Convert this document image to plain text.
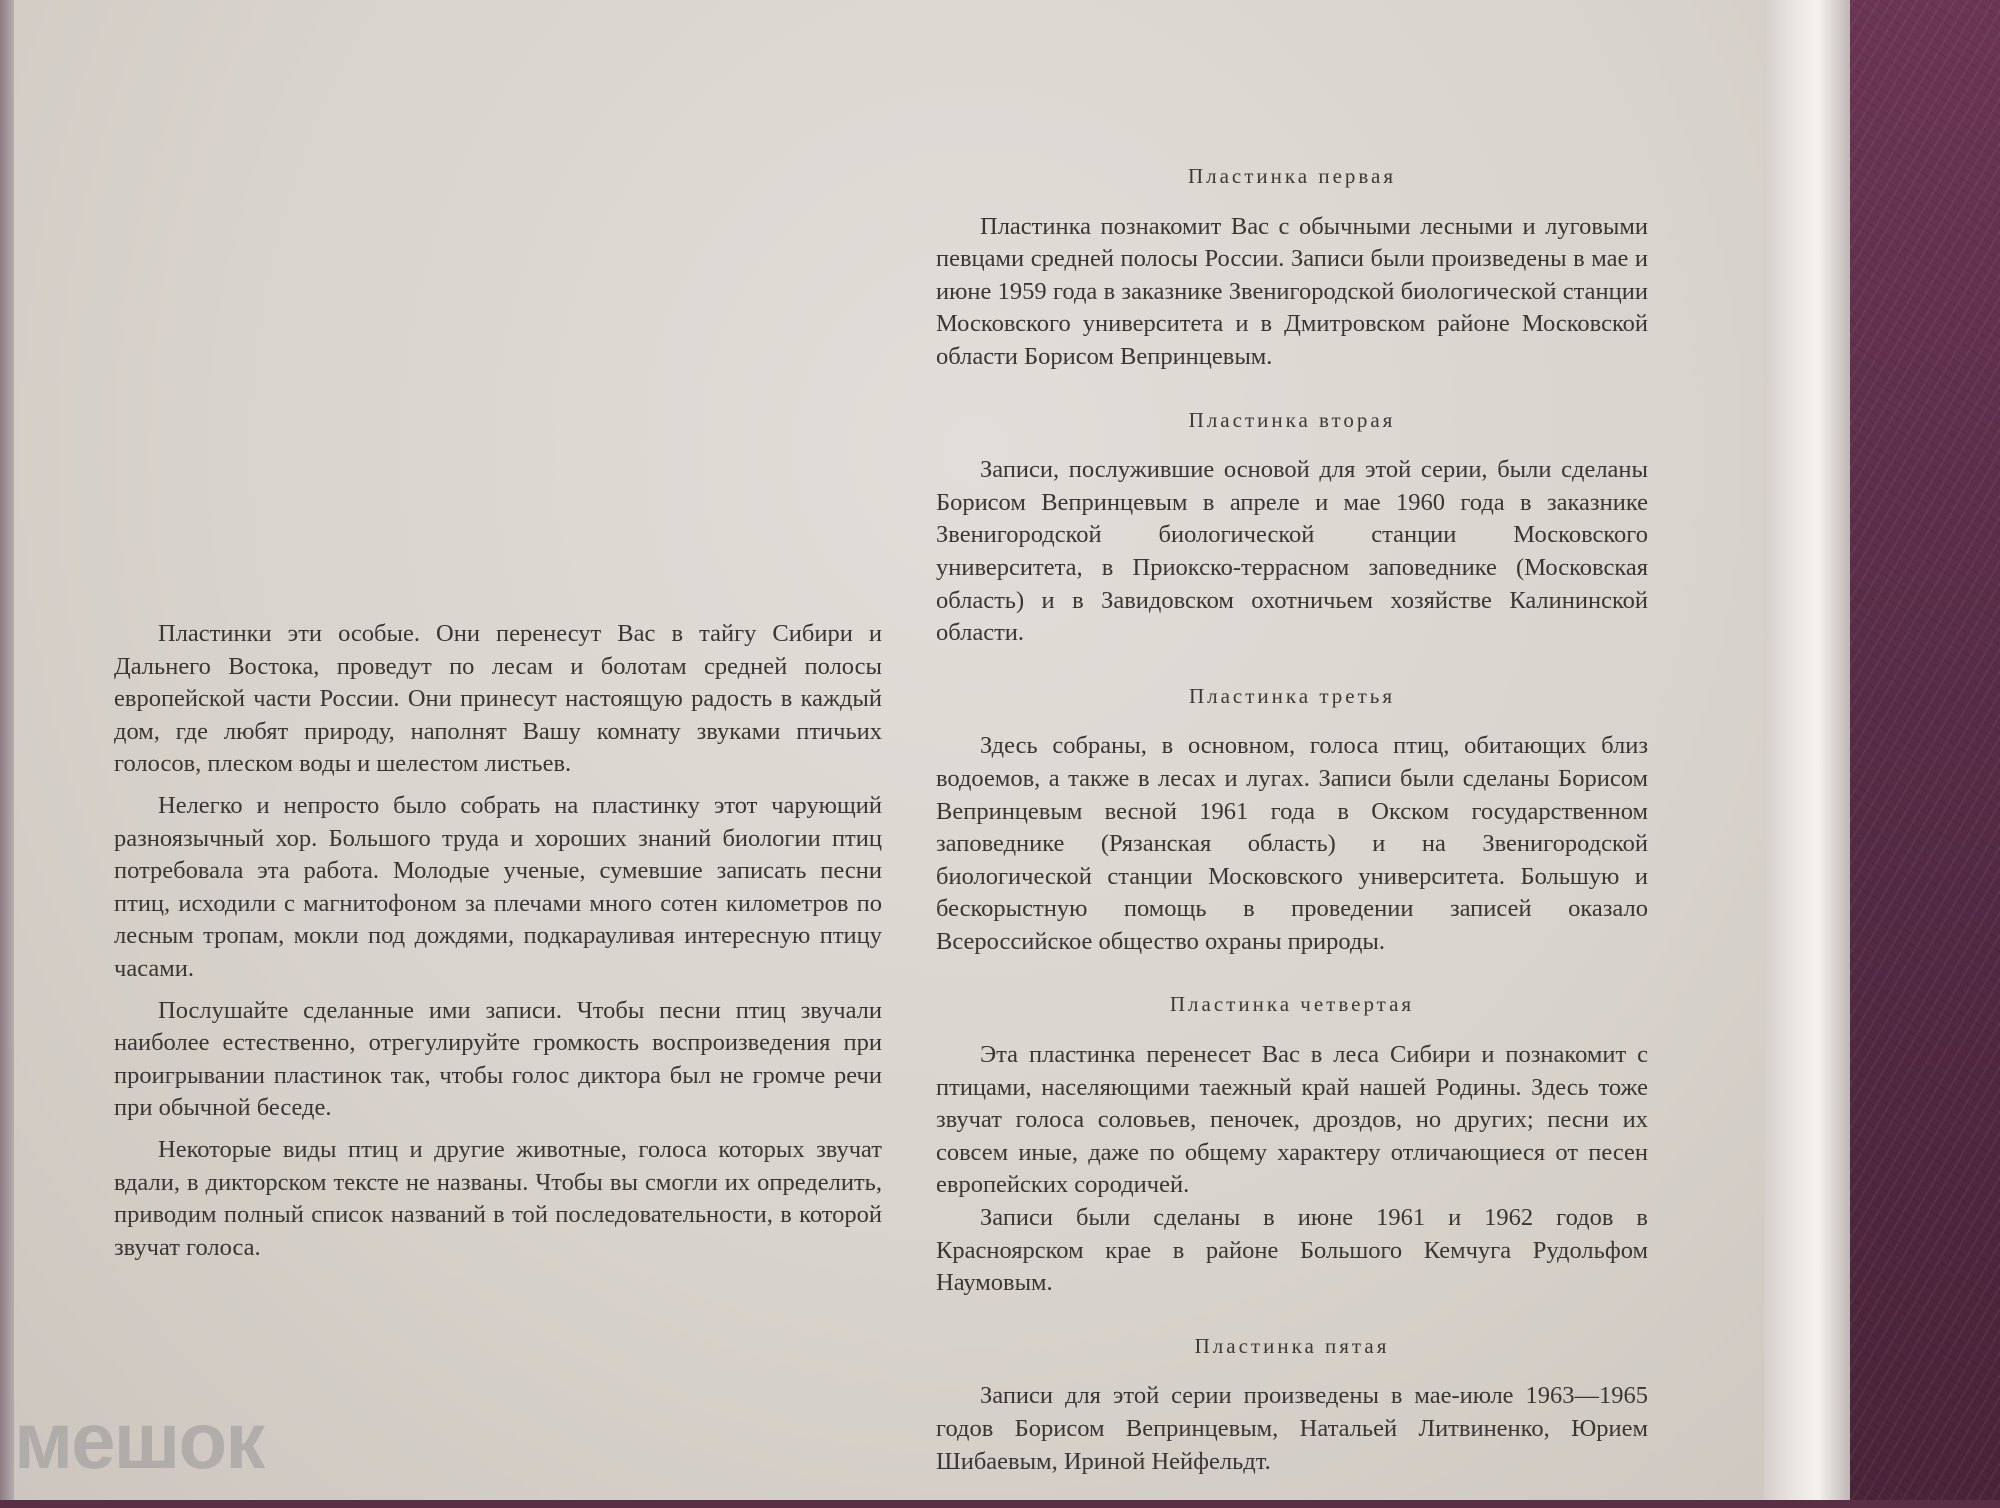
Пластинки эти особые. Они перенесут Вас в тайгу Сибири и Дальнего Востока, проведут по лесам и болотам средней полосы европейской части России. Они принесут настоящую радость в каждый дом, где любят природу, наполнят Вашу комнату звуками птичьих голосов, плеском воды и шелестом листьев.

Нелегко и непросто было собрать на пластинку этот чарующий разноязычный хор. Большого труда и хороших знаний биологии птиц потребовала эта работа. Молодые ученые, сумевшие записать песни птиц, исходили с магнитофоном за плечами много сотен километров по лесным тропам, мокли под дождями, подкарауливая интересную птицу часами.

Послушайте сделанные ими записи. Чтобы песни птиц звучали наиболее естественно, отрегулируйте громкость воспроизведения при проигрывании пластинок так, чтобы голос диктора был не громче речи при обычной беседе.

Некоторые виды птиц и другие животные, голоса которых звучат вдали, в дикторском тексте не названы. Чтобы вы смогли их определить, приводим полный список названий в той последовательности, в которой звучат голоса.

Пластинка первая

Пластинка познакомит Вас с обычными лесными и луговыми певцами средней полосы России. Записи были произведены в мае и июне 1959 года в заказнике Звенигородской биологической станции Московского университета и в Дмитровском районе Московской области Борисом Вепринцевым.

Пластинка вторая

Записи, послужившие основой для этой серии, были сделаны Борисом Вепринцевым в апреле и мае 1960 года в заказнике Звенигородской биологической станции Московского университета, в Приокско-террасном заповеднике (Московская область) и в Завидовском охотничьем хозяйстве Калининской области.

Пластинка третья

Здесь собраны, в основном, голоса птиц, обитающих близ водоемов, а также в лесах и лугах. Записи были сделаны Борисом Вепринцевым весной 1961 года в Окском государственном заповеднике (Рязанская область) и на Звенигородской биологической станции Московского университета. Большую и бескорыстную помощь в проведении записей оказало Всероссийское общество охраны природы.

Пластинка четвертая

Эта пластинка перенесет Вас в леса Сибири и познакомит с птицами, населяющими таежный край нашей Родины. Здесь тоже звучат голоса соловьев, пеночек, дроздов, но других; песни их совсем иные, даже по общему характеру отличающиеся от песен европейских сородичей.

Записи были сделаны в июне 1961 и 1962 годов в Красноярском крае в районе Большого Кемчуга Рудольфом Наумовым.

Пластинка пятая

Записи для этой серии произведены в мае-июле 1963—1965 годов Борисом Вепринцевым, Натальей Литвиненко, Юрием Шибаевым, Ириной Нейфельдт.

мешок
